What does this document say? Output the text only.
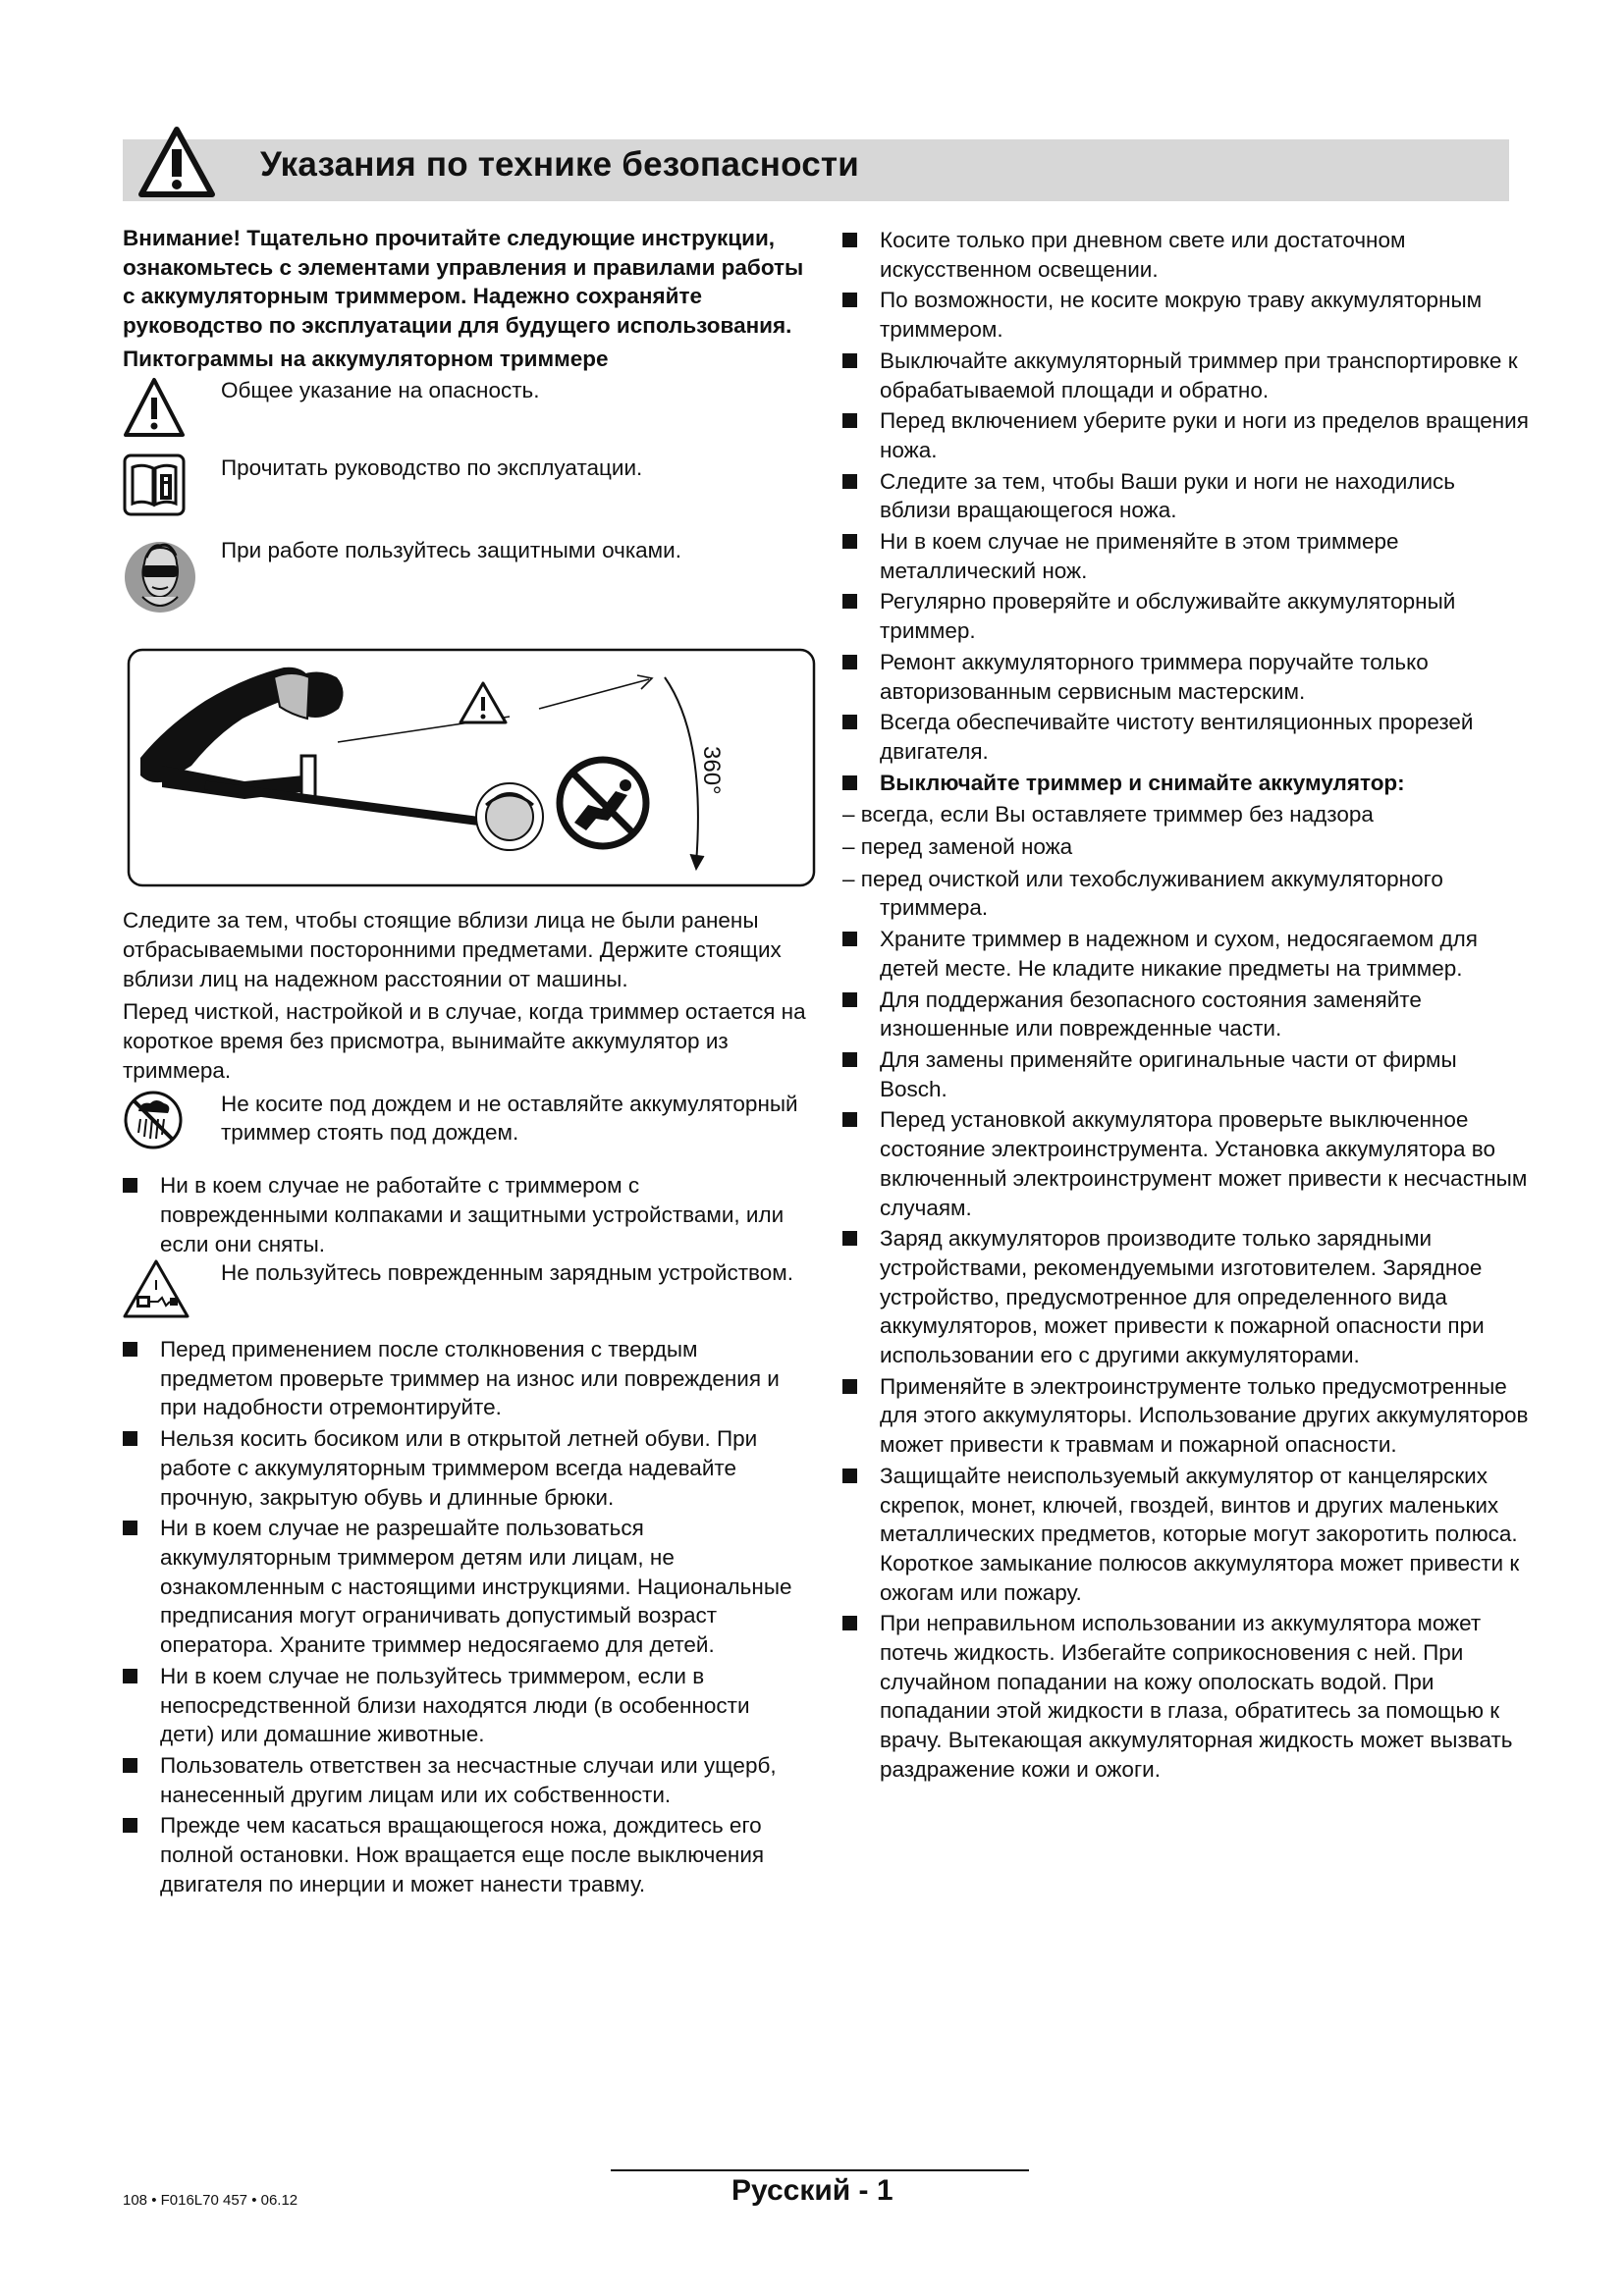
Указания по технике безопасности

Внимание! Тщательно прочитайте следующие инструкции, ознакомьтесь с элементами управления и правилами работы с аккумуляторным триммером. Надежно сохраняйте руководство по эксплуатации для будущего использования.

Пиктограммы на аккумуляторном триммере

Общее указание на опасность.
Прочитать руководство по эксплуатации.
При работе пользуйтесь защитными очками.
360°

Следите за тем, чтобы стоящие вблизи лица не были ранены отбрасываемыми посторонними предметами. Держите стоящих вблизи лиц на надежном расстоянии от машины.

Перед чисткой, настройкой и в случае, когда триммер остается на короткое время без присмотра, вынимайте аккумулятор из триммера.

Не косите под дождем и не оставляйте аккумуляторный триммер стоять под дождем.

Ни в коем случае не работайте с триммером с поврежденными колпаками и защитными устройствами, или если они сняты.

Не пользуйтесь поврежденным зарядным устройством.

Перед применением после столкновения с твердым предметом проверьте триммер на износ или повреждения и при надобности отремонтируйте.

Нельзя косить босиком или в открытой летней обуви. При работе с аккумуляторным триммером всегда надевайте прочную, закрытую обувь и длинные брюки.

Ни в коем случае не разрешайте пользоваться аккумуляторным триммером детям или лицам, не ознакомленным с настоящими инструкциями. Национальные предписания могут ограничивать допустимый возраст оператора. Храните триммер недосягаемо для детей.

Ни в коем случае не пользуйтесь триммером, если в непосредственной близи находятся люди (в особенности дети) или домашние животные.

Пользователь ответствен за несчастные случаи или ущерб, нанесенный другим лицам или их собственности.

Прежде чем касаться вращающегося ножа, дождитесь его полной остановки. Нож вращается еще после выключения двигателя по инерции и может нанести травму.

Косите только при дневном свете или достаточном искусственном освещении.

По возможности, не косите мокрую траву аккумуляторным триммером.

Выключайте аккумуляторный триммер при транспортировке к обрабатываемой площади и обратно.

Перед включением уберите руки и ноги из пределов вращения ножа.

Следите за тем, чтобы Ваши руки и ноги не находились вблизи вращающегося ножа.

Ни в коем случае не применяйте в этом триммере металлический нож.

Регулярно проверяйте и обслуживайте аккумуляторный триммер.

Ремонт аккумуляторного триммера поручайте только авторизованным сервисным мастерским.

Всегда обеспечивайте чистоту вентиляционных прорезей двигателя.

Выключайте триммер и снимайте аккумулятор:

– всегда, если Вы оставляете триммер без надзора

– перед заменой ножа

– перед очисткой или техобслуживанием аккумуляторного триммера.

Храните триммер в надежном и сухом, недосягаемом для детей месте. Не кладите никакие предметы на триммер.

Для поддержания безопасного состояния заменяйте изношенные или поврежденные части.

Для замены применяйте оригинальные части от фирмы Bosch.

Перед установкой аккумулятора проверьте выключенное состояние электроинструмента. Установка аккумулятора во включенный электроинструмент может привести к несчастным случаям.

Заряд аккумуляторов производите только зарядными устройствами, рекомендуемыми изготовителем. Зарядное устройство, предусмотренное для определенного вида аккумуляторов, может привести к пожарной опасности при использовании его с другими аккумуляторами.

Применяйте в электроинструменте только предусмотренные для этого аккумуляторы. Использование других аккумуляторов может привести к травмам и пожарной опасности.

Защищайте неиспользуемый аккумулятор от канцелярских скрепок, монет, ключей, гвоздей, винтов и других маленьких металлических предметов, которые могут закоротить полюса. Короткое замыкание полюсов аккумулятора может привести к ожогам или пожару.

При неправильном использовании из аккумулятора может потечь жидкость. Избегайте соприкосновения с ней. При случайном попадании на кожу ополоскать водой. При попадании этой жидкости в глаза, обратитесь за помощью к врачу. Вытекающая аккумуляторная жидкость может вызвать раздражение кожи и ожоги.

108 • F016L70 457 • 06.12	Русский - 1
